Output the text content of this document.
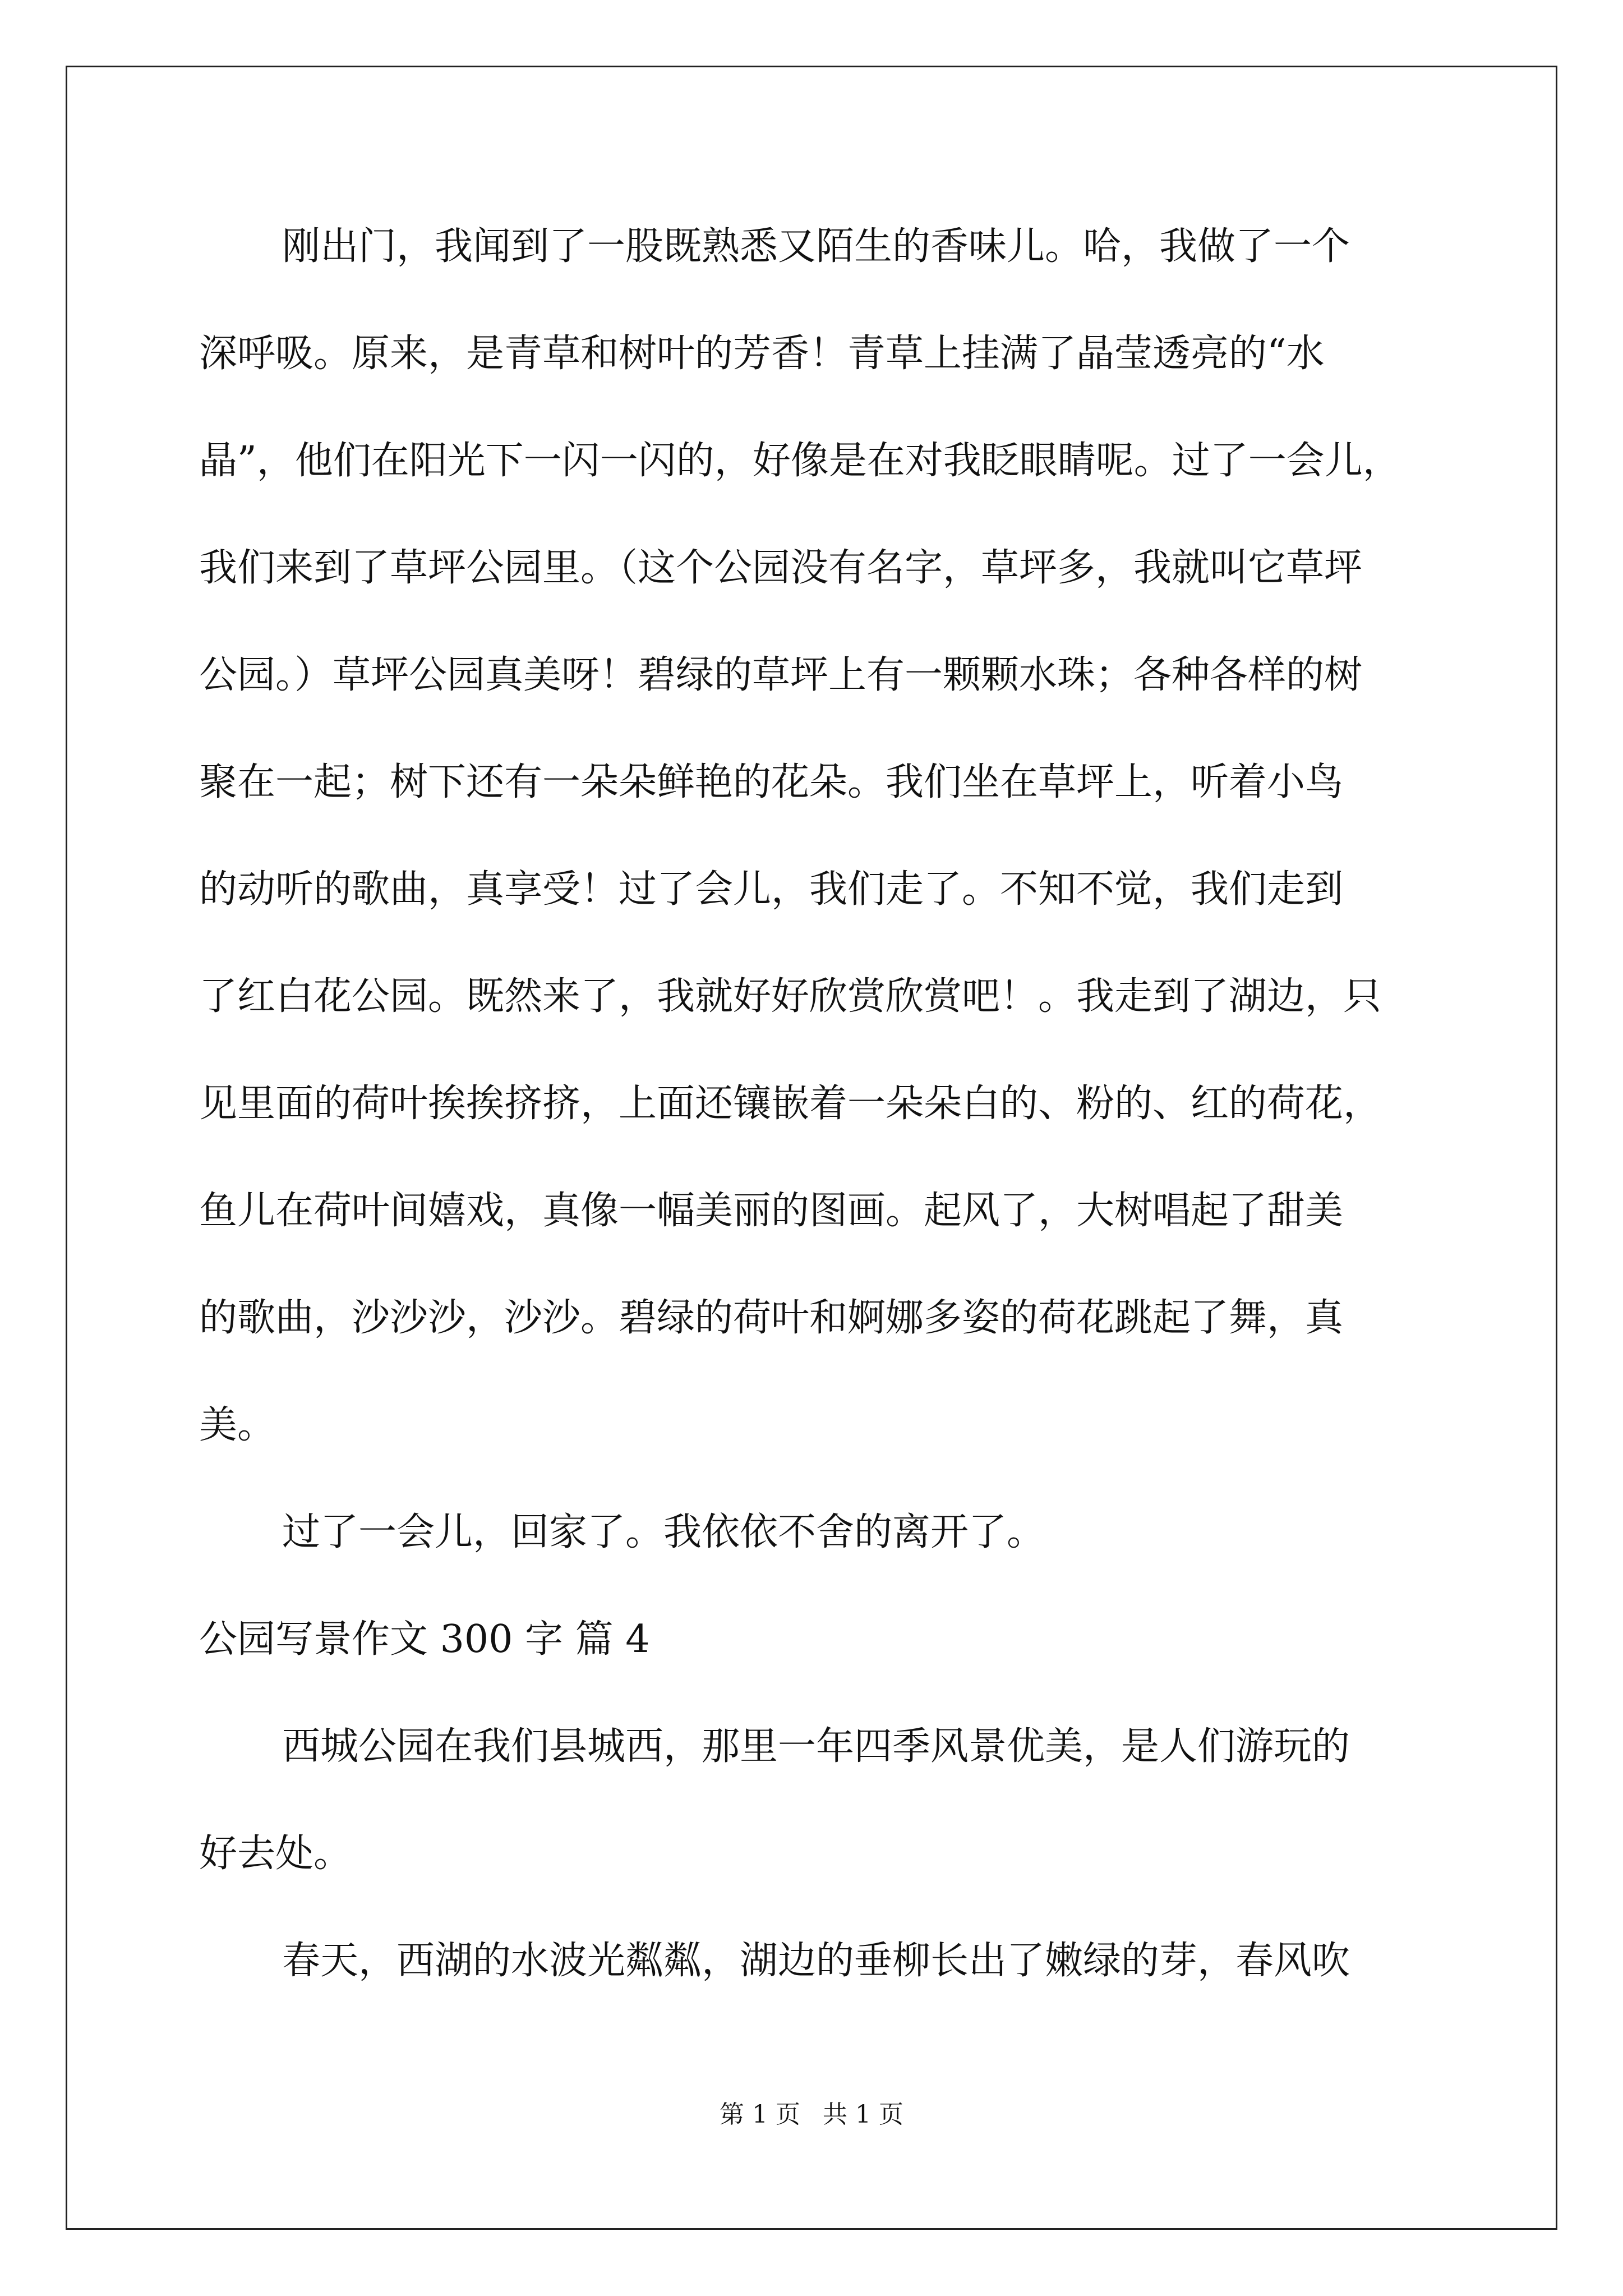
刚出门，我闻到了一股既熟悉又陌生的香味儿。哈，我做了一个
深呼吸。原来，是青草和树叶的芳香！青草上挂满了晶莹透亮的“水
晶”，他们在阳光下一闪一闪的，好像是在对我眨眼睛呢。过了一会儿，
我们来到了草坪公园里。（这个公园没有名字，草坪多，我就叫它草坪
公园。）草坪公园真美呀！碧绿的草坪上有一颗颗水珠；各种各样的树
聚在一起；树下还有一朵朵鲜艳的花朵。我们坐在草坪上，听着小鸟
的动听的歌曲，真享受！过了会儿，我们走了。不知不觉，我们走到
了红白花公园。既然来了，我就好好欣赏欣赏吧！。我走到了湖边，只
见里面的荷叶挨挨挤挤，上面还镶嵌着一朵朵白的、粉的、红的荷花，
鱼儿在荷叶间嬉戏，真像一幅美丽的图画。起风了，大树唱起了甜美
的歌曲，沙沙沙，沙沙。碧绿的荷叶和婀娜多姿的荷花跳起了舞，真
美。
过了一会儿，回家了。我依依不舍的离开了。
公园写景作文 300 字 篇 4
西城公园在我们县城西，那里一年四季风景优美，是人们游玩的
好去处。
春天，西湖的水波光粼粼，湖边的垂柳长出了嫩绿的芽，春风吹
第 1 页 共 1 页
